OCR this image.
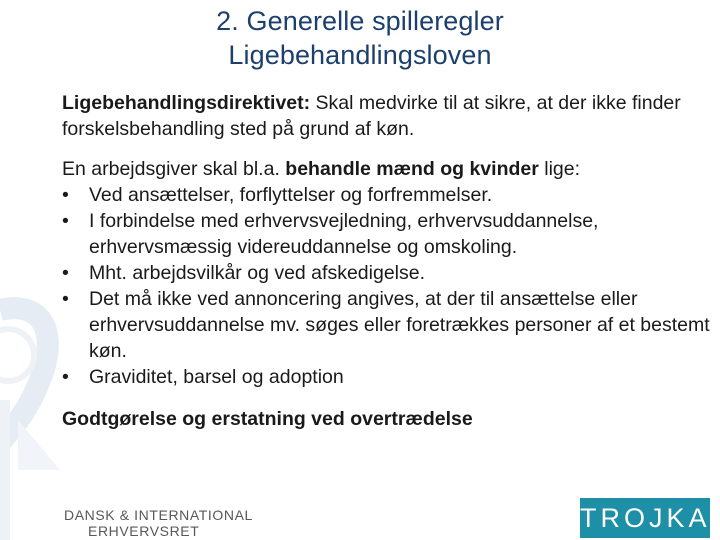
2. Generelle spilleregler
Ligebehandlingsloven

Ligebehandlingsdirektivet: Skal medvirke til at sikre, at der ikke finder forskelsbehandling sted på grund af køn.

En arbejdsgiver skal bl.a. behandle mænd og kvinder lige:
• Ved ansættelser, forflyttelser og forfremmelser.
• I forbindelse med erhvervsvejledning, erhvervsuddannelse, erhvervsmæssig videreuddannelse og omskoling.
• Mht. arbejdsvilkår og ved afskedigelse.
• Det må ikke ved annoncering angives, at der til ansættelse eller erhvervsuddannelse mv. søges eller foretrækkes personer af et bestemt køn.
• Graviditet, barsel og adoption
Godtgørelse og erstatning ved overtrædelse
DANSK & INTERNATIONAL
ERHVERVSRET	TROJKA
